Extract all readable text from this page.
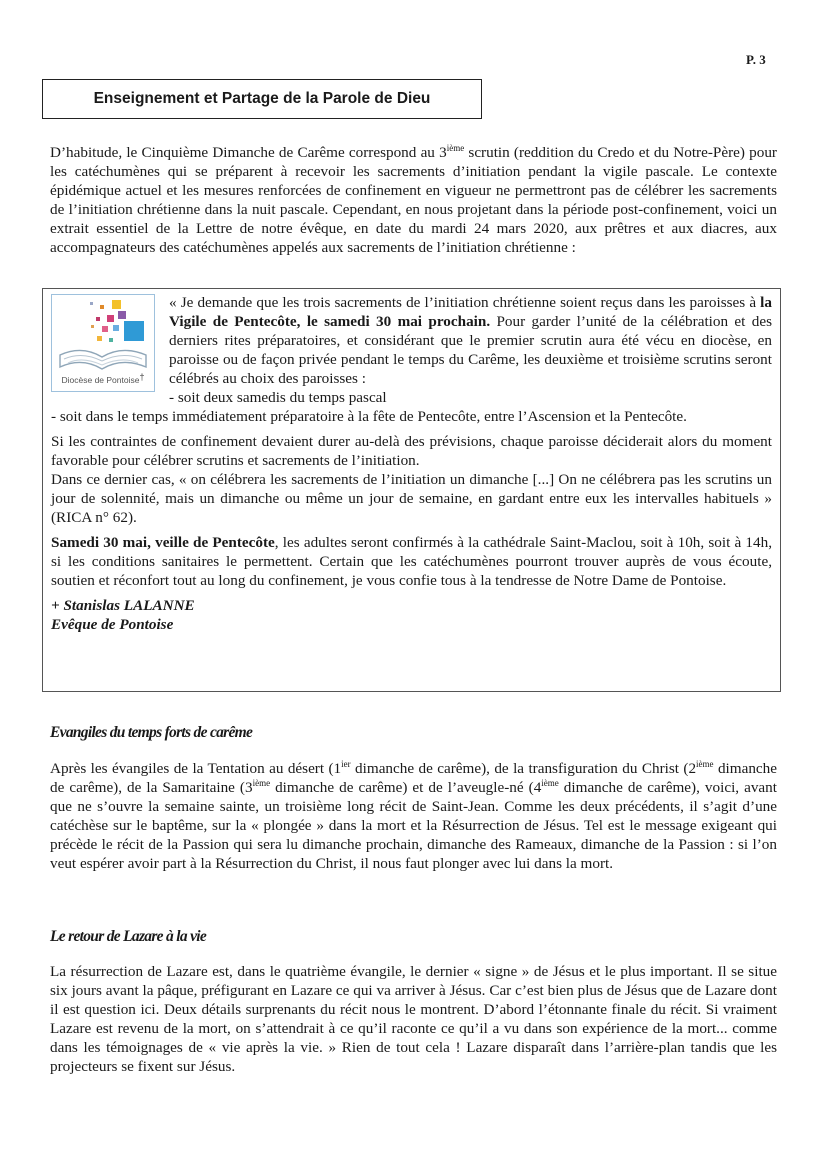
P. 3
Enseignement et Partage de la Parole de Dieu

D’habitude, le Cinquième Dimanche de Carême correspond au 3ième scrutin (reddition du Credo et du Notre-Père) pour les catéchumènes qui se préparent à recevoir les sacrements d’initiation pendant la vigile pascale. Le contexte épidémique actuel et les mesures renforcées de confinement en vigueur ne permettront pas de célébrer les sacrements de l’initiation chrétienne dans la nuit pascale. Cependant, en nous projetant dans la période post-confinement, voici un extrait essentiel de la Lettre de notre évêque, en date du mardi 24 mars 2020, aux prêtres et aux diacres, aux accompagnateurs des catéchumènes appelés aux sacrements de l’initiation chrétienne :

Diocèse de Pontoise†

« Je demande que les trois sacrements de l’initiation chrétienne soient reçus dans les paroisses à la Vigile de Pentecôte, le samedi 30 mai prochain. Pour garder l’unité de la célébration et des derniers rites préparatoires, et considérant que le premier scrutin aura été vécu en diocèse, en paroisse ou de façon privée pendant le temps du Carême, les deuxième et troisième scrutins seront célébrés au choix des paroisses :

- soit deux samedis du temps pascal

- soit dans le temps immédiatement préparatoire à la fête de Pentecôte, entre l’Ascension et la Pentecôte.

Si les contraintes de confinement devaient durer au-delà des prévisions, chaque paroisse déciderait alors du moment favorable pour célébrer scrutins et sacrements de l’initiation.

Dans ce dernier cas, « on célébrera les sacrements de l’initiation un dimanche [...] On ne célébrera pas les scrutins un jour de solennité, mais un dimanche ou même un jour de semaine, en gardant entre eux les intervalles habituels » (RICA n° 62).

Samedi 30 mai, veille de Pentecôte, les adultes seront confirmés à la cathédrale Saint-Maclou, soit à 10h, soit à 14h, si les conditions sanitaires le permettent. Certain que les catéchumènes pourront trouver auprès de vous écoute, soutien et réconfort tout au long du confinement, je vous confie tous à la tendresse de Notre Dame de Pontoise.

+ Stanislas LALANNE

Evêque de Pontoise

Evangiles du temps forts de carême

Après les évangiles de la Tentation au désert ($1^{ier}$ dimanche de carême), de la transfiguration du Christ (2ième dimanche de carême), de la Samaritaine (3ième dimanche de carême) et de l’aveugle-né (4ième dimanche de carême), voici, avant que ne s’ouvre la semaine sainte, un troisième long récit de Saint-Jean. Comme les deux précédents, il s’agit d’une catéchèse sur le baptême, sur la « plongée » dans la mort et la Résurrection de Jésus. Tel est le message exigeant qui précède le récit de la Passion qui sera lu dimanche prochain, dimanche des Rameaux, dimanche de la Passion : si l’on veut espérer avoir part à la Résurrection du Christ, il nous faut plonger avec lui dans la mort.

Le retour de Lazare à la vie

La résurrection de Lazare est, dans le quatrième évangile, le dernier « signe » de Jésus et le plus important. Il se situe six jours avant la pâque, préfigurant en Lazare ce qui va arriver à Jésus. Car c’est bien plus de Jésus que de Lazare dont il est question ici. Deux détails surprenants du récit nous le montrent. D’abord l’étonnante finale du récit. Si vraiment Lazare est revenu de la mort, on s’attendrait à ce qu’il raconte ce qu’il a vu dans son expérience de la mort... comme dans les témoignages de « vie après la vie. » Rien de tout cela ! Lazare disparaît dans l’arrière-plan tandis que les projecteurs se fixent sur Jésus.
